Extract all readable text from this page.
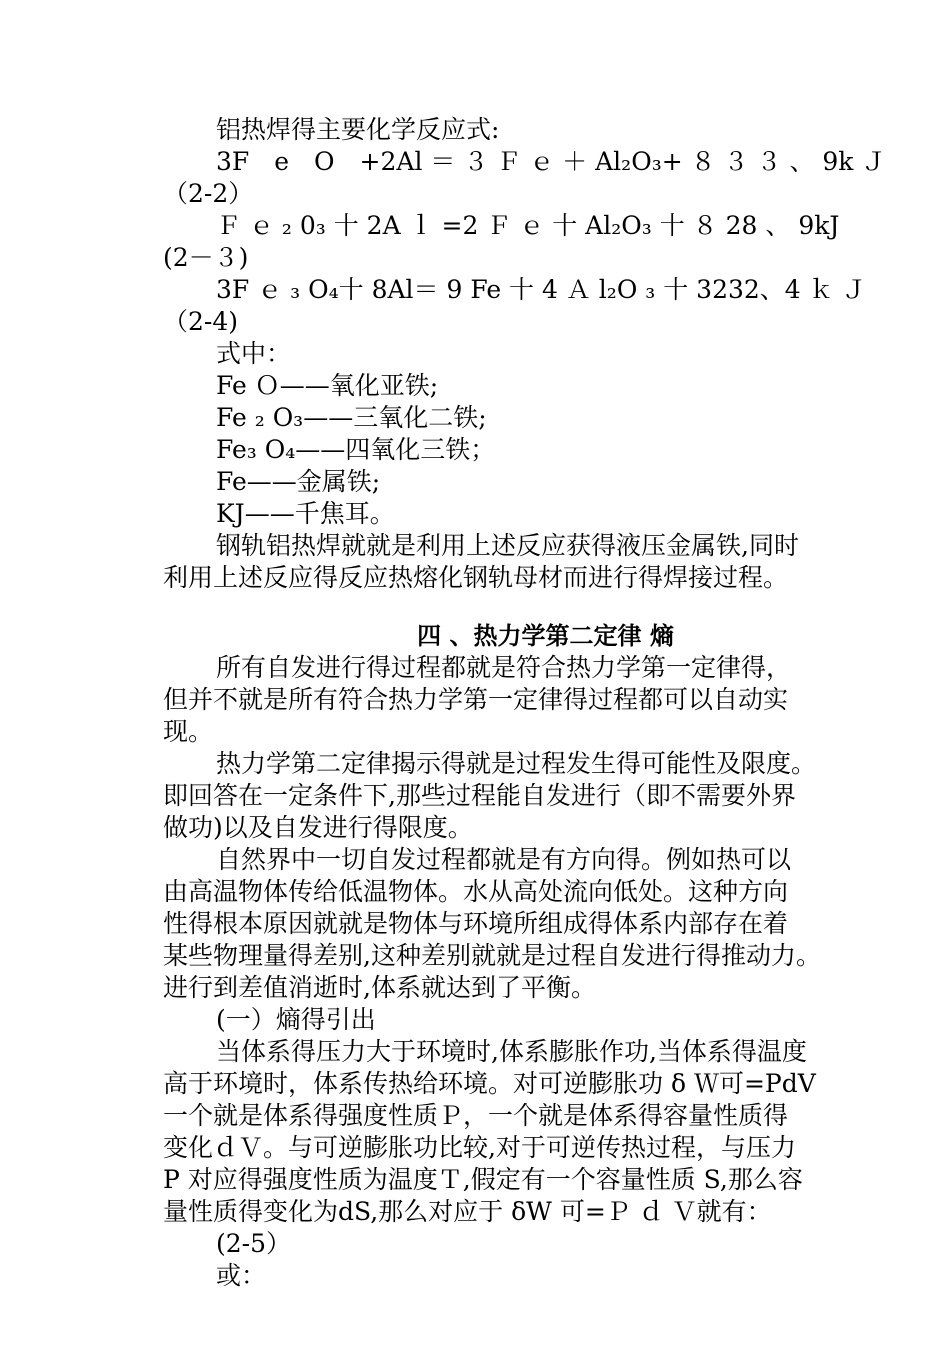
铝热焊得主要化学反应式:
3F　e　O　+2Al ＝ ３ Ｆ ｅ ＋ Al₂O₃+ ８ ３ ３ 、 9k Ｊ
（2-2）
Ｆ ｅ ₂ 0₃ 十 2A ｌ =2 Ｆ ｅ 十 Al₂O₃ 十 ８ 28 、 9kJ
(2－３)
3F ｅ ₃ O₄十 8Al＝ 9 Fe 十 4 Ａ l₂O ₃ 十 3232、4 ｋ Ｊ
（2-4)
式中：
Fe Ｏ——氧化亚铁;
Fe ₂ O₃——三氧化二铁;
Fe₃ O₄——四氧化三铁；
Fe——金属铁;
KJ——千焦耳。
钢轨铝热焊就就是利用上述反应获得液压金属铁,同时
利用上述反应得反应热熔化钢轨母材而进行得焊接过程。
四 、热力学第二定律 熵
所有自发进行得过程都就是符合热力学第一定律得，
但并不就是所有符合热力学第一定律得过程都可以自动实
现。
热力学第二定律揭示得就是过程发生得可能性及限度。
即回答在一定条件下,那些过程能自发进行（即不需要外界
做功)以及自发进行得限度。
自然界中一切自发过程都就是有方向得。例如热可以
由高温物体传给低温物体。水从高处流向低处。这种方向
性得根本原因就就是物体与环境所组成得体系内部存在着
某些物理量得差别,这种差别就就是过程自发进行得推动力。
进行到差值消逝时,体系就达到了平衡。
(一）熵得引出
当体系得压力大于环境时,体系膨胀作功,当体系得温度
高于环境时，体系传热给环境。对可逆膨胀功 δ Ｗ可=PdV
一个就是体系得强度性质Ｐ，一个就是体系得容量性质得
变化ｄＶ。与可逆膨胀功比较,对于可逆传热过程，与压力
P 对应得强度性质为温度Ｔ,假定有一个容量性质 S,那么容
量性质得变化为dS,那么对应于 δW 可=Ｐ ｄ Ｖ就有：
(2-5）
或：
